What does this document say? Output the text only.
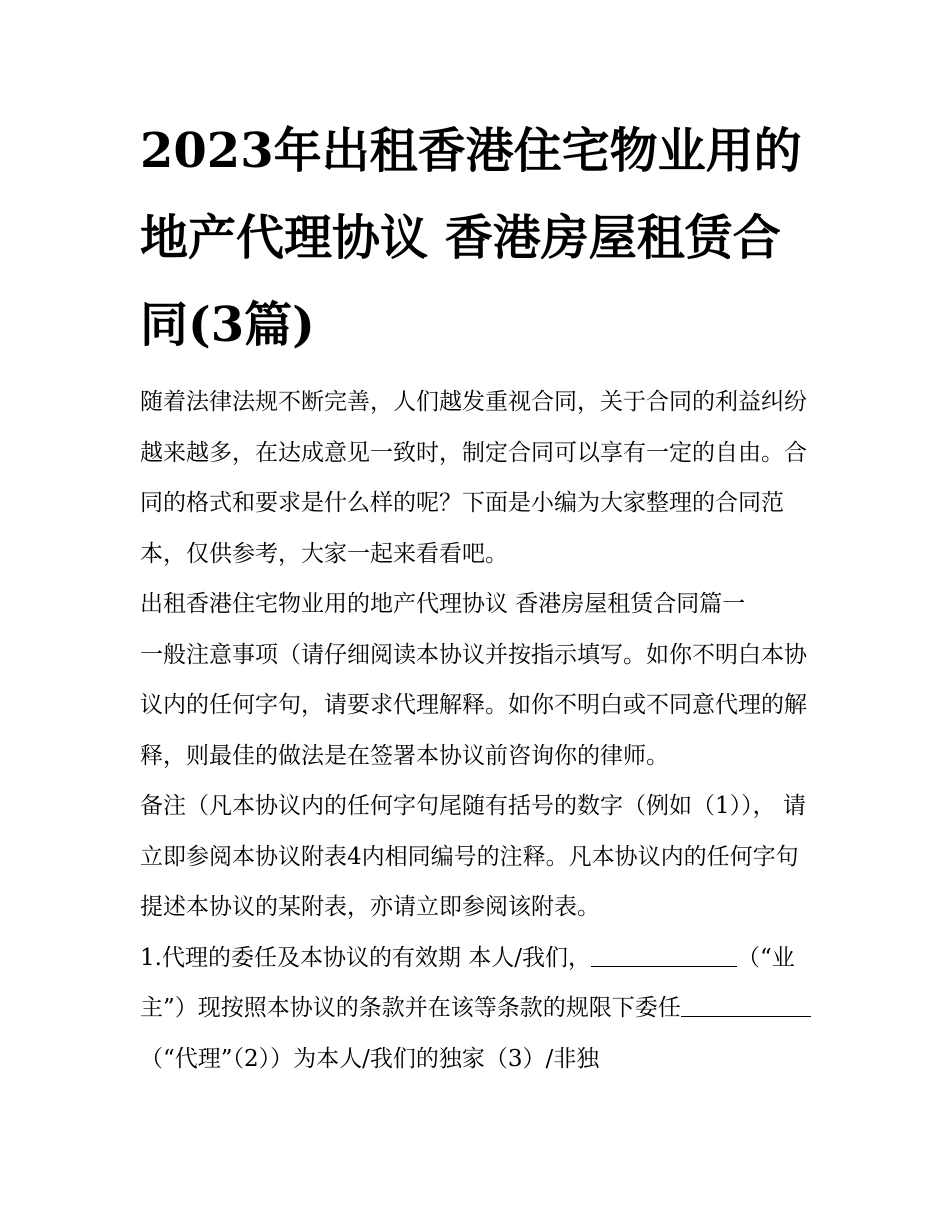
2023年出租香港住宅物业用的地产代理协议 香港房屋租赁合同(3篇)

随着法律法规不断完善，人们越发重视合同，关于合同的利益纠纷越来越多，在达成意见一致时，制定合同可以享有一定的自由。合同的格式和要求是什么样的呢？下面是小编为大家整理的合同范本，仅供参考，大家一起来看看吧。

出租香港住宅物业用的地产代理协议 香港房屋租赁合同篇一

一般注意事项（请仔细阅读本协议并按指示填写。如你不明白本协议内的任何字句，请要求代理解释。如你不明白或不同意代理的解释，则最佳的做法是在签署本协议前咨询你的律师。

备注（凡本协议内的任何字句尾随有括号的数字（例如（1））， 请立即参阅本协议附表4内相同编号的注释。凡本协议内的任何字句提述本协议的某附表，亦请立即参阅该附表。

1.代理的委任及本协议的有效期 本人/我们，	（“业主”）现按照本协议的条款并在该等条款的规限下委任（“代理”（2））为本人/我们的独家（3）/非独
